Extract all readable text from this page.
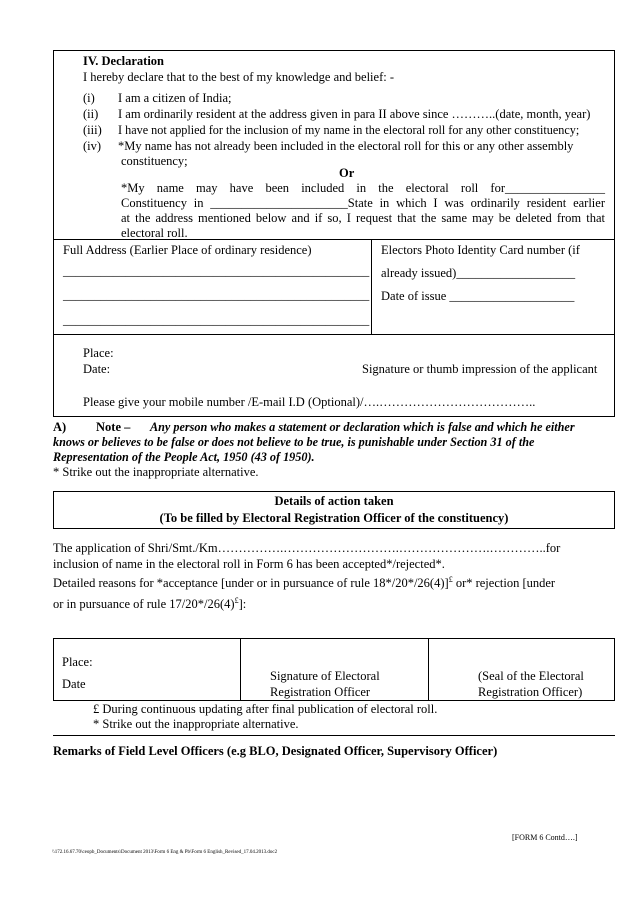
IV. Declaration
I hereby declare that to the best of my knowledge and belief: -
(i) I am a citizen of India;
(ii) I am ordinarily resident at the address given in para II above since ………..(date, month, year)
(iii) I have not applied for the inclusion of my name in the electoral roll for any other constituency;
(iv) *My name has not already been included in the electoral roll for this or any other assembly
constituency;
Or
*My name may have been included in the electoral roll for________________
Constituency in ______________________State in which I was ordinarily resident earlier
at the address mentioned below and if so, I request that the same may be deleted from that
electoral roll.
Full Address (Earlier Place of ordinary residence)
_________________________________________________
_________________________________________________
_________________________________________________
Electors Photo Identity Card number (if
already issued)___________________
Date of issue ____________________
Place:
Date:	Signature or thumb impression of the applicant
Please give your mobile number /E-mail I.D (Optional)/….………………………………..
A) Note – Any person who makes a statement or declaration which is false and which he either
knows or believes to be false or does not believe to be true, is punishable under Section 31 of the
Representation of the People Act, 1950 (43 of 1950).
* Strike out the inappropriate alternative.
Details of action taken
(To be filled by Electoral Registration Officer of the constituency)
The application of Shri/Smt./Km…………….……………………….………………….…………..for
inclusion of name in the electoral roll in Form 6 has been accepted*/rejected*.
Detailed reasons for *acceptance [under or in pursuance of rule 18*/20*/26(4)]£ or* rejection [under
or in pursuance of rule 17/20*/26(4)£]:
Place:
Date
Signature of Electoral
Registration Officer
(Seal of the Electoral
Registration Officer)
£ During continuous updating after final publication of electoral roll.
* Strike out the inappropriate alternative.
Remarks of Field Level Officers (e.g BLO, Designated Officer, Supervisory Officer)
[FORM 6 Contd….]
\\172.16.67.70\ceopb_Documents\Document 2013\Form 6 Eng & Pb\Form 6 English_Revised_17.04.2013.doc2
